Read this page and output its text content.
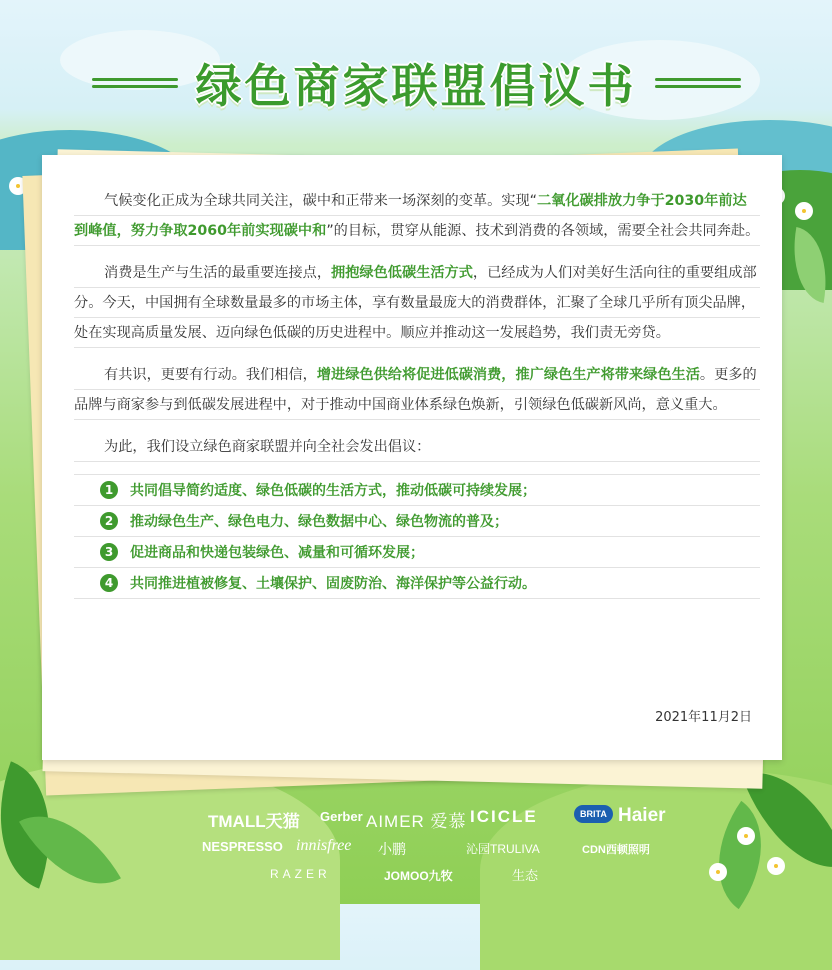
绿色商家联盟倡议书
2021年11月2日
气候变化正成为全球共同关注，碳中和正带来一场深刻的变革。实现“二氧化碳排放力争于2030年前达到峰值，努力争取2060年前实现碳中和”的目标，贯穿从能源、技术到消费的各领域，需要全社会共同奔赴。
消费是生产与生活的最重要连接点，拥抱绿色低碳生活方式，已经成为人们对美好生活向往的重要组成部分。今天，中国拥有全球数量最多的市场主体，享有数量最庞大的消费群体，汇聚了全球几乎所有顶尖品牌，处在实现高质量发展、迈向绿色低碳的历史进程中。顺应并推动这一发展趋势，我们责无旁贷。
有共识，更要有行动。我们相信，增进绿色供给将促进低碳消费，推广绿色生产将带来绿色生活。更多的品牌与商家参与到低碳发展进程中，对于推动中国商业体系绿色焕新，引领绿色低碳新风尚，意义重大。
为此，我们设立绿色商家联盟并向全社会发出倡议：
1	共同倡导简约适度、绿色低碳的生活方式，推动低碳可持续发展；
2	推动绿色生产、绿色电力、绿色数据中心、绿色物流的普及；
3	促进商品和快递包装绿色、减量和可循环发展；
4	共同推进植被修复、土壤保护、固废防治、海洋保护等公益行动。
TMALL天猫 Gerber AIMER 爱慕 ICICLE	BRITA Haier
NESPRESSO innisfree 小鹏	沁园TRULIVA	CDN西顿照明
RAZER	JOMOO九牧	生态
